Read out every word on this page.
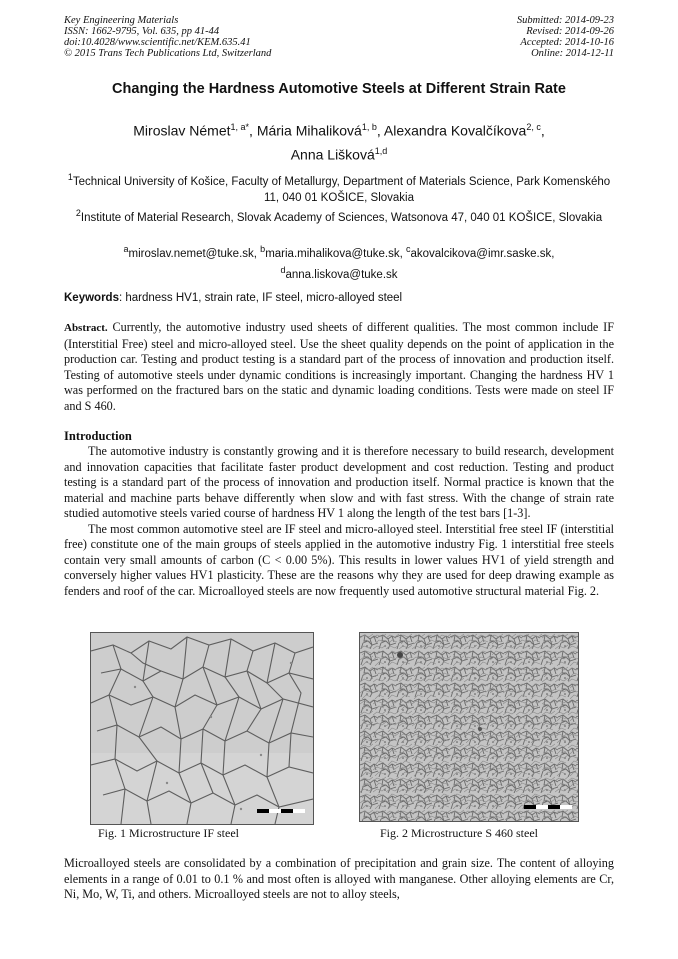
Key Engineering Materials
ISSN: 1662-9795, Vol. 635, pp 41-44
doi:10.4028/www.scientific.net/KEM.635.41
© 2015 Trans Tech Publications Ltd, Switzerland
Submitted: 2014-09-23
Revised: 2014-09-26
Accepted: 2014-10-16
Online: 2014-12-11
Changing the Hardness Automotive Steels at Different Strain Rate
Miroslav Német$^{1, a*}$, Mária Mihaliková$^{1, b}$, Alexandra Kovalčíkova$^{2, c}$,
Anna Lišková$^{1,d}$
$^1$Technical University of Košice, Faculty of Metallurgy, Department of Materials Science, Park Komenského 11, 040 01 KOŠICE, Slovakia
$^2$Institute of Material Research, Slovak Academy of Sciences, Watsonova 47, 040 01 KOŠICE, Slovakia
$^a$miroslav.nemet@tuke.sk, $^b$maria.mihalikova@tuke.sk, $^c$akovalcikova@imr.saske.sk,
$^d$anna.liskova@tuke.sk
Keywords: hardness HV1, strain rate, IF steel, micro-alloyed steel
Abstract. Currently, the automotive industry used sheets of different qualities. The most common include IF (Interstitial Free) steel and micro-alloyed steel. Use the sheet quality depends on the point of application in the production car. Testing and product testing is a standard part of the process of innovation and production itself. Testing of automotive steels under dynamic conditions is increasingly important. Changing the hardness HV 1 was performed on the fractured bars on the static and dynamic loading conditions. Tests were made on steel IF and S 460.
Introduction

The automotive industry is constantly growing and it is therefore necessary to build research, development and innovation capacities that facilitate faster product development and cost reduction. Testing and product testing is a standard part of the process of innovation and production itself. Normal practice is known that the material and machine parts behave differently when slow and with fast stress. With the change of strain rate studied automotive steels varied course of hardness HV 1 along the length of the test bars [1-3].

The most common automotive steel are IF steel and micro-alloyed steel. Interstitial free steel IF (interstitial free) constitute one of the main groups of steels applied in the automotive industry Fig. 1 interstitial free steels contain very small amounts of carbon (C < 0.00 5%). This results in lower values HV1 of yield strength and conversely higher values HV1 plasticity. These are the reasons why they are used for deep drawing example as fenders and roof of the car. Microalloyed steels are now frequently used automotive structural material Fig. 2.

Fig. 1 Microstructure IF steel	Fig. 2 Microstructure S 460 steel
Microalloyed steels are consolidated by a combination of precipitation and grain size. The content of alloying elements in a range of 0.01 to 0.1 % and most often is alloyed with manganese. Other alloying elements are Cr, Ni, Mo, W, Ti, and others. Microalloyed steels are not to alloy steels,
